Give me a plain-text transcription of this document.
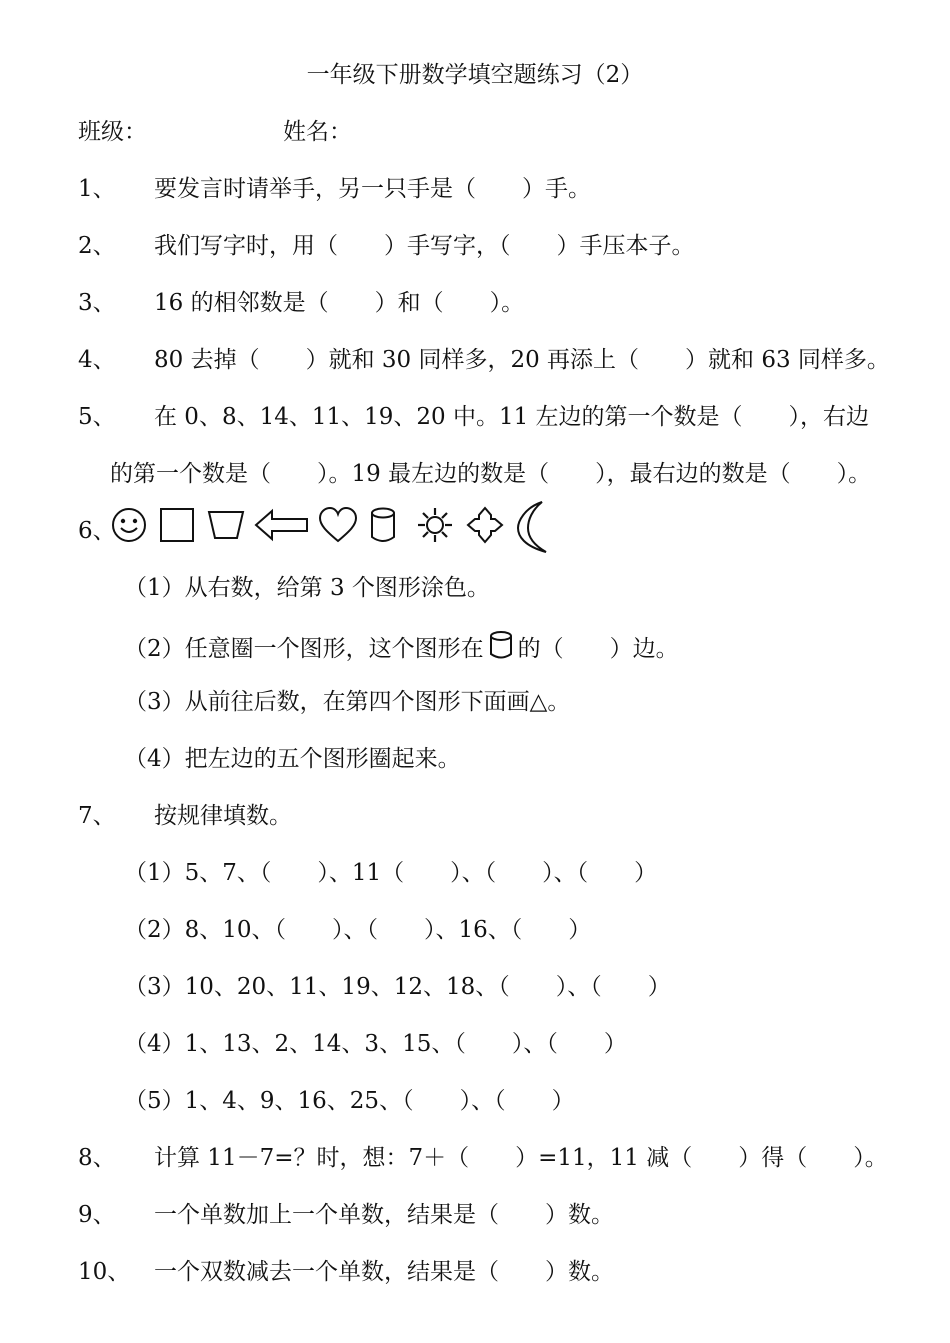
一年级下册数学填空题练习（2）
班级：	姓名：
1、 要发言时请举手，另一只手是（　　）手。
2、 我们写字时，用（　　）手写字，（　　）手压本子。
3、 16 的相邻数是（　　）和（　　）。
4、 80 去掉（　　）就和 30 同样多，20 再添上（　　）就和 63 同样多。
5、 在 0、8、14、11、19、20 中。11 左边的第一个数是（　　），右边
的第一个数是（　　）。19 最左边的数是（　　），最右边的数是（　　）。
6、
（1）从右数，给第 3 个图形涂色。
（2）任意圈一个图形，这个图形在 的（　　）边。
（3）从前往后数，在第四个图形下面画△。
（4）把左边的五个图形圈起来。
7、 按规律填数。
（1）5、7、（　　）、11（　　）、（　　）、（　　）
（2）8、10、（　　）、（　　）、16、（　　）
（3）10、20、11、19、12、18、（　　）、（　　）
（4）1、13、2、14、3、15、（　　）、（　　）
（5）1、4、9、16、25、（　　）、（　　）
8、 计算 11－7=？时，想：7＋（　　）=11，11 减（　　）得（　　）。
9、 一个单数加上一个单数，结果是（　　）数。
10、 一个双数减去一个单数，结果是（　　）数。
